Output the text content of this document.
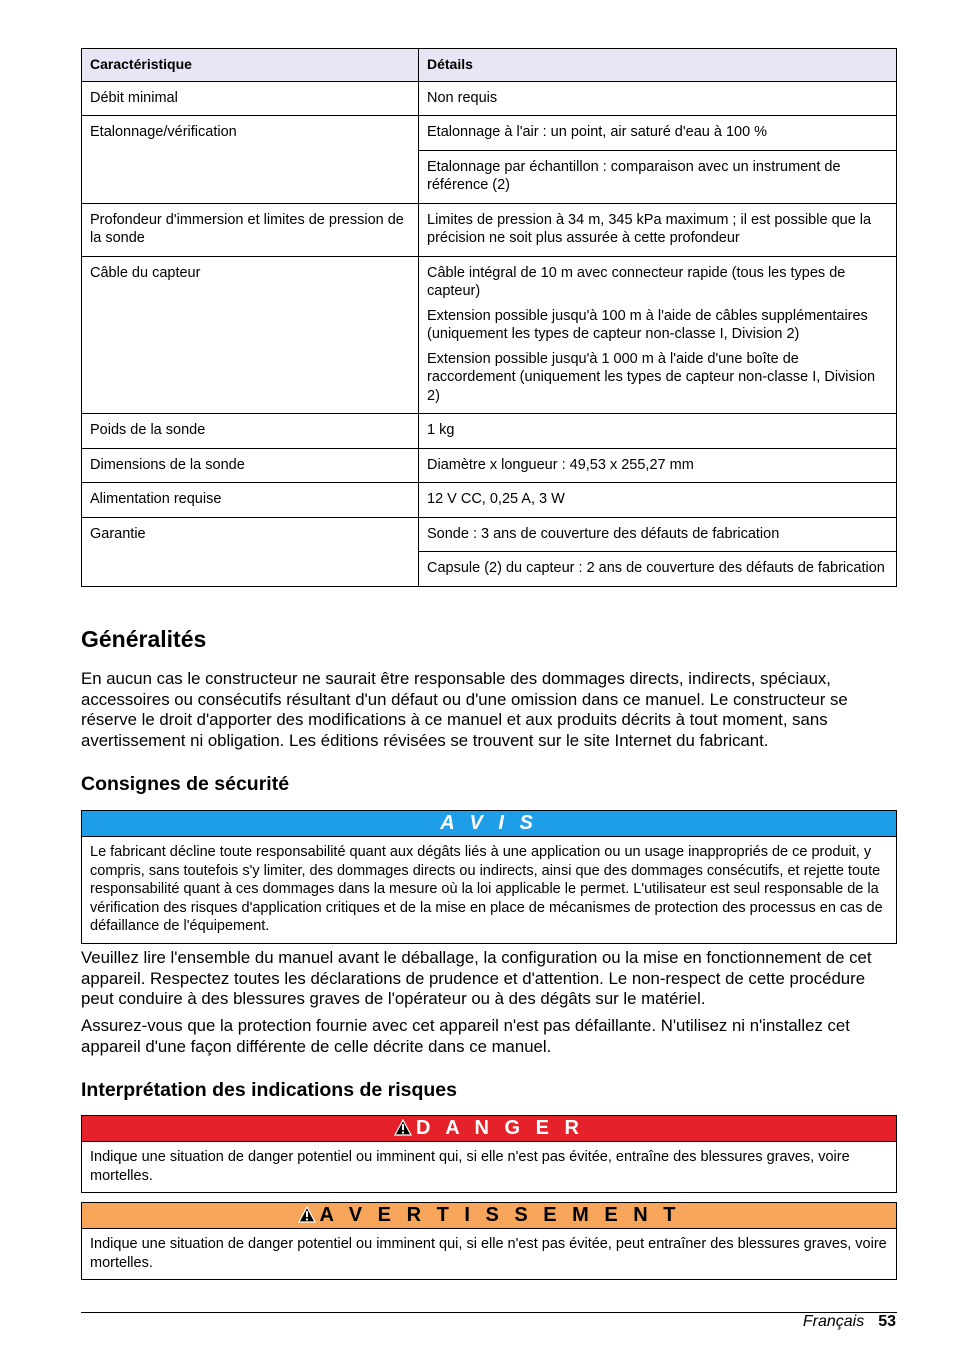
Caractéristique	Détails
Débit minimal	Non requis
Etalonnage/vérification	Etalonnage à l'air : un point, air saturé d'eau à 100 %
	Etalonnage par échantillon : comparaison avec un instrument de référence (2)
Profondeur d'immersion et limites de pression de la sonde	Limites de pression à 34 m, 345 kPa maximum ; il est possible que la précision ne soit plus assurée à cette profondeur
Câble du capteur	Câble intégral de 10 m avec connecteur rapide (tous les types de capteur)

Extension possible jusqu'à 100 m à l'aide de câbles supplémentaires (uniquement les types de capteur non-classe I, Division 2)

Extension possible jusqu'à 1 000 m à l'aide d'une boîte de raccordement (uniquement les types de capteur non-classe I, Division 2)

Poids de la sonde	1 kg
Dimensions de la sonde	Diamètre x longueur : 49,53 x 255,27 mm
Alimentation requise	12 V CC, 0,25 A, 3 W
Garantie	Sonde : 3 ans de couverture des défauts de fabrication
	Capsule (2) du capteur : 2 ans de couverture des défauts de fabrication
Généralités

En aucun cas le constructeur ne saurait être responsable des dommages directs, indirects, spéciaux, accessoires ou consécutifs résultant d'un défaut ou d'une omission dans ce manuel. Le constructeur se réserve le droit d'apporter des modifications à ce manuel et aux produits décrits à tout moment, sans avertissement ni obligation. Les éditions révisées se trouvent sur le site Internet du fabricant.

Consignes de sécurité
A V I S
Le fabricant décline toute responsabilité quant aux dégâts liés à une application ou un usage inappropriés de ce produit, y compris, sans toutefois s'y limiter, des dommages directs ou indirects, ainsi que des dommages consécutifs, et rejette toute responsabilité quant à ces dommages dans la mesure où la loi applicable le permet. L'utilisateur est seul responsable de la vérification des risques d'application critiques et de la mise en place de mécanismes de protection des processus en cas de défaillance de l'équipement.

Veuillez lire l'ensemble du manuel avant le déballage, la configuration ou la mise en fonctionnement de cet appareil. Respectez toutes les déclarations de prudence et d'attention. Le non-respect de cette procédure peut conduire à des blessures graves de l'opérateur ou à des dégâts sur le matériel.

Assurez-vous que la protection fournie avec cet appareil n'est pas défaillante. N'utilisez ni n'installez cet appareil d'une façon différente de celle décrite dans ce manuel.

Interprétation des indications de risques
D A N G E R
Indique une situation de danger potentiel ou imminent qui, si elle n'est pas évitée, entraîne des blessures graves, voire mortelles.
A V E R T I S S E M E N T
Indique une situation de danger potentiel ou imminent qui, si elle n'est pas évitée, peut entraîner des blessures graves, voire mortelles.
Français 53
